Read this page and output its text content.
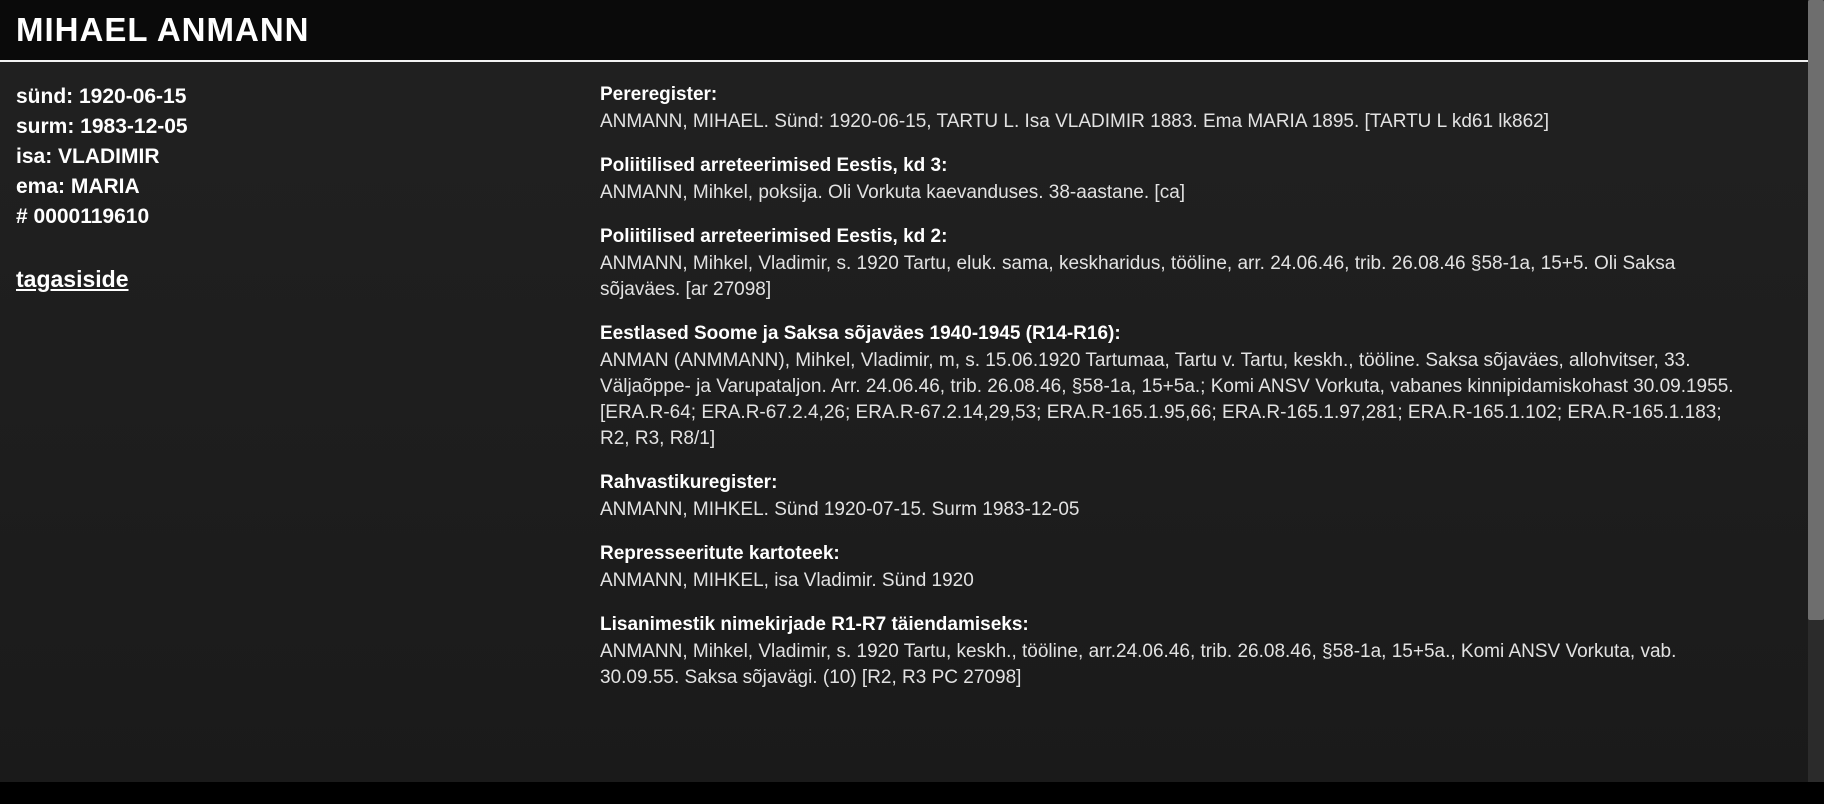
MIHAEL ANMANN
sünd: 1920-06-15
surm: 1983-12-05
isa: VLADIMIR
ema: MARIA
# 0000119610
tagasiside
Pereregister:
ANMANN, MIHAEL. Sünd: 1920-06-15, TARTU L. Isa VLADIMIR 1883. Ema MARIA 1895. [TARTU L kd61 lk862]
Poliitilised arreteerimised Eestis, kd 3:
ANMANN, Mihkel, poksija. Oli Vorkuta kaevanduses. 38-aastane. [ca]
Poliitilised arreteerimised Eestis, kd 2:
ANMANN, Mihkel, Vladimir, s. 1920 Tartu, eluk. sama, keskharidus, tööline, arr. 24.06.46, trib. 26.08.46 §58-1a, 15+5. Oli Saksa sõjaväes. [ar 27098]
Eestlased Soome ja Saksa sõjaväes 1940-1945 (R14-R16):
ANMAN (ANMMANN), Mihkel, Vladimir, m, s. 15.06.1920 Tartumaa, Tartu v. Tartu, keskh., tööline. Saksa sõjaväes, allohvitser, 33. Väljaõppe- ja Varupataljon. Arr. 24.06.46, trib. 26.08.46, §58-1a, 15+5a.; Komi ANSV Vorkuta, vabanes kinnipidamiskohast 30.09.1955. [ERA.R-64; ERA.R-67.2.4,26; ERA.R-67.2.14,29,53; ERA.R-165.1.95,66; ERA.R-165.1.97,281; ERA.R-165.1.102; ERA.R-165.1.183; R2, R3, R8/1]
Rahvastikuregister:
ANMANN, MIHKEL. Sünd 1920-07-15. Surm 1983-12-05
Represseeritute kartoteek:
ANMANN, MIHKEL, isa Vladimir. Sünd 1920
Lisanimestik nimekirjade R1-R7 täiendamiseks:
ANMANN, Mihkel, Vladimir, s. 1920 Tartu, keskh., tööline, arr.24.06.46, trib. 26.08.46, §58-1a, 15+5a., Komi ANSV Vorkuta, vab. 30.09.55. Saksa sõjavägi. (10) [R2, R3 PC 27098]
